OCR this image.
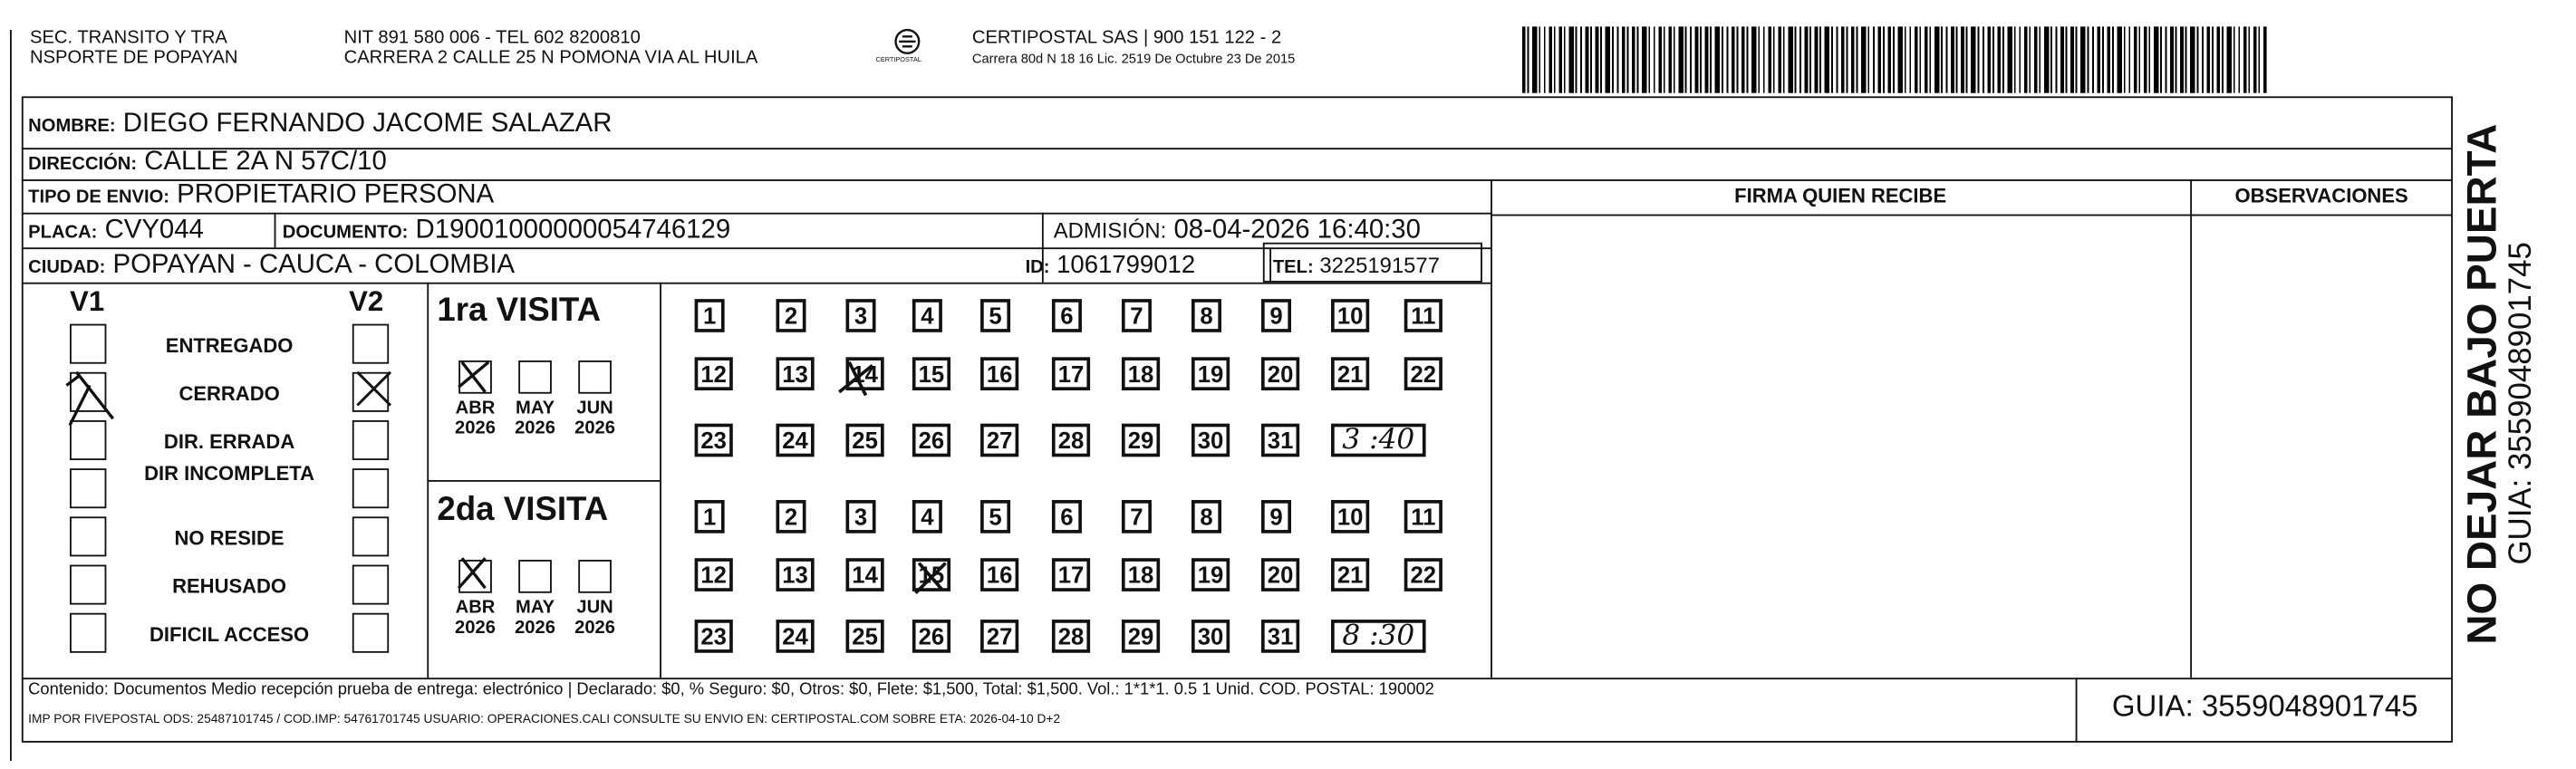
SEC. TRANSITO Y TRA
NSPORTE DE POPAYAN
NIT 891 580 006 - TEL 602 8200810
CARRERA 2 CALLE 25 N POMONA VIA AL HUILA	CERTIPOSTAL
CERTIPOSTAL SAS | 900 151 122 - 2
Carrera 80d N 18 16 Lic. 2519 De Octubre 23 De 2015
NOMBRE: DIEGO FERNANDO JACOME SALAZAR
DIRECCIÓN: CALLE 2A N 57C/10
TIPO DE ENVIO: PROPIETARIO PERSONA
PLACA: CVY044	DOCUMENTO: D19001000000054746129	ADMISIÓN: 08-04-2026 16:40:30
CIUDAD: POPAYAN - CAUCA - COLOMBIA	ID: 1061799012	TEL: 3225191577
FIRMA QUIEN RECIBE	OBSERVACIONES
V1	V2
ENTREGADO
CERRADO
DIR. ERRADA
DIR INCOMPLETA
NO RESIDE
REHUSADO
DIFICIL ACCESO
1ra VISITA
2da VISITA
ABR
2026
MAY
2026
JUN
2026
ABR
2026
MAY
2026
JUN
2026
1	2	3	4	5	6	7	8	9	10	11
12	13	14	15	16	17	18	19	20	21	22
23	24	25	26	27	28	29	30	31	3 :40
1	2	3	4	5	6	7	8	9	10	11
12	13	14	15	16	17	18	19	20	21	22
23	24	25	26	27	28	29	30	31	8 :30
Contenido: Documentos Medio recepción prueba de entrega: electrónico | Declarado: $0, % Seguro: $0, Otros: $0, Flete: $1,500, Total: $1,500. Vol.: 1*1*1. 0.5 1 Unid. COD. POSTAL: 190002
IMP POR FIVEPOSTAL ODS: 25487101745 / COD.IMP: 54761701745 USUARIO: OPERACIONES.CALI CONSULTE SU ENVIO EN: CERTIPOSTAL.COM SOBRE ETA: 2026-04-10 D+2	GUIA: 3559048901745
NO DEJAR BAJO PUERTA
GUIA: 3559048901745
